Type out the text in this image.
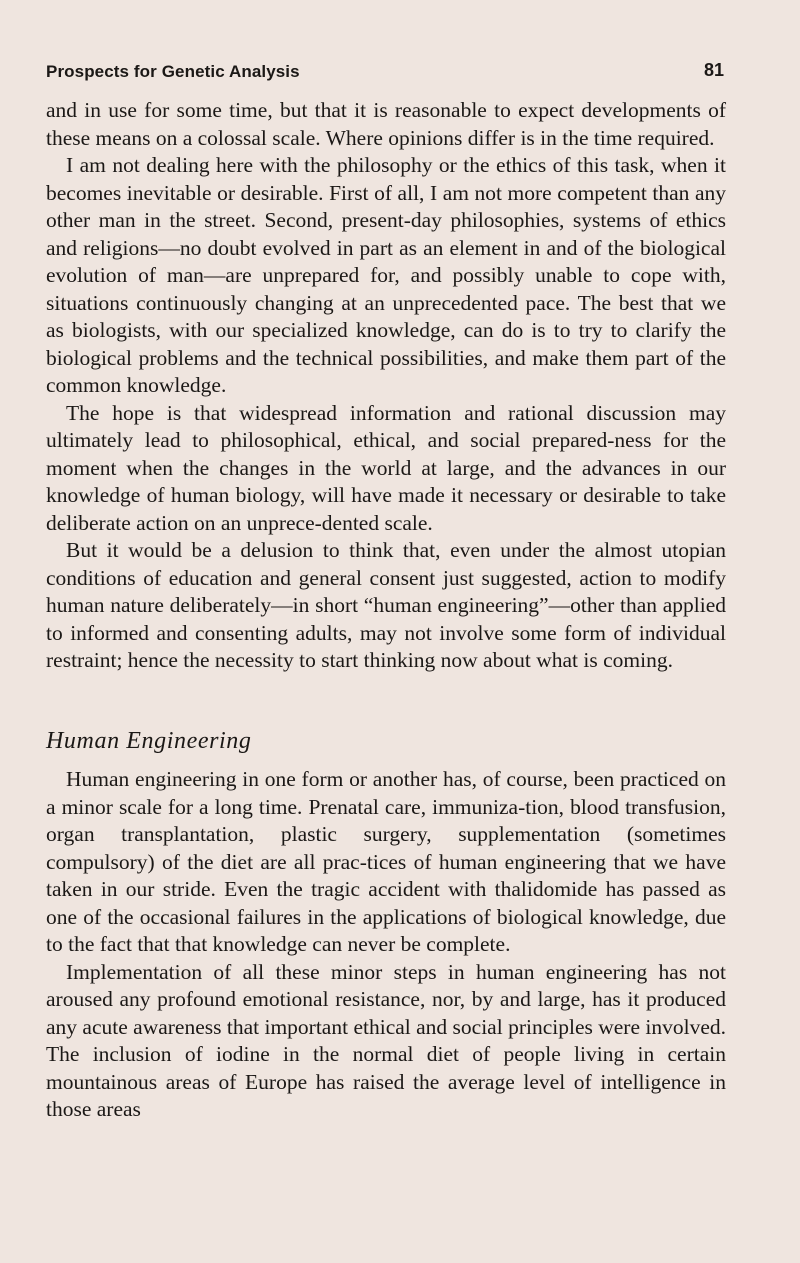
Prospects for Genetic Analysis	81

and in use for some time, but that it is reasonable to expect developments of these means on a colossal scale. Where opinions differ is in the time required.

I am not dealing here with the philosophy or the ethics of this task, when it becomes inevitable or desirable. First of all, I am not more competent than any other man in the street. Second, present-day philosophies, systems of ethics and religions—no doubt evolved in part as an element in and of the biological evolution of man—are unprepared for, and possibly unable to cope with, situations continuously changing at an unprecedented pace. The best that we as biologists, with our specialized knowledge, can do is to try to clarify the biological problems and the technical possibilities, and make them part of the common knowledge.

The hope is that widespread information and rational discussion may ultimately lead to philosophical, ethical, and social prepared-ness for the moment when the changes in the world at large, and the advances in our knowledge of human biology, will have made it necessary or desirable to take deliberate action on an unprece-dented scale.

But it would be a delusion to think that, even under the almost utopian conditions of education and general consent just suggested, action to modify human nature deliberately—in short “human engineering”—other than applied to informed and consenting adults, may not involve some form of individual restraint; hence the necessity to start thinking now about what is coming.

Human Engineering

Human engineering in one form or another has, of course, been practiced on a minor scale for a long time. Prenatal care, immuniza-tion, blood transfusion, organ transplantation, plastic surgery, supplementation (sometimes compulsory) of the diet are all prac-tices of human engineering that we have taken in our stride. Even the tragic accident with thalidomide has passed as one of the occasional failures in the applications of biological knowledge, due to the fact that that knowledge can never be complete.

Implementation of all these minor steps in human engineering has not aroused any profound emotional resistance, nor, by and large, has it produced any acute awareness that important ethical and social principles were involved. The inclusion of iodine in the normal diet of people living in certain mountainous areas of Europe has raised the average level of intelligence in those areas
